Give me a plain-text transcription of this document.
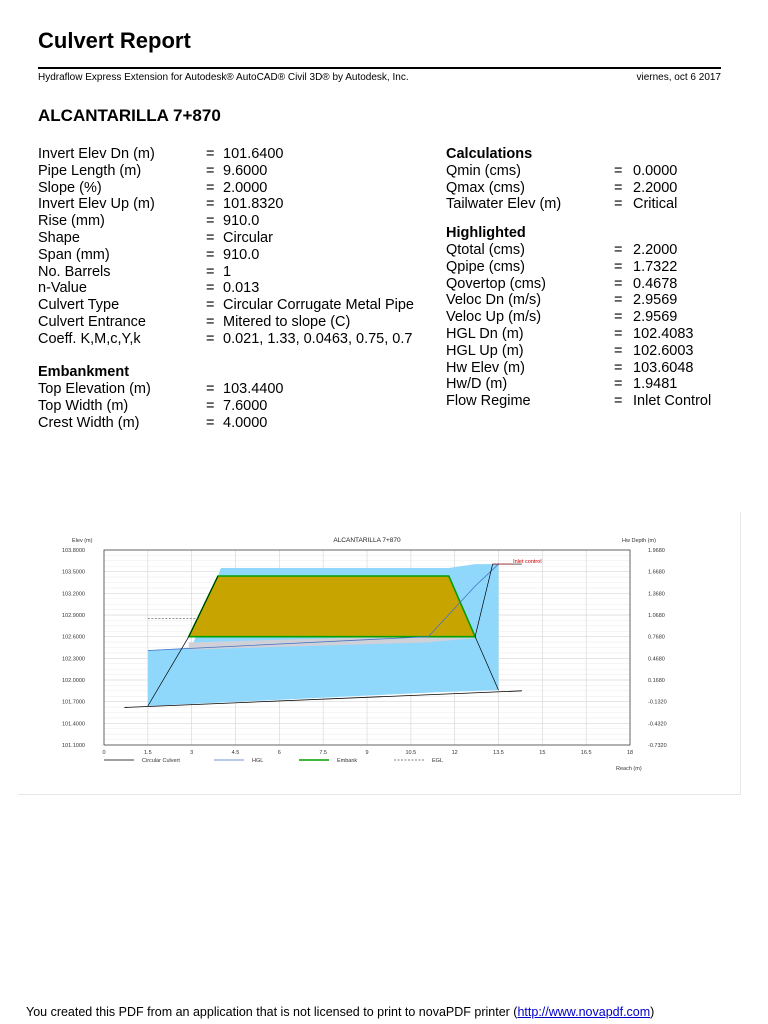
Culvert Report
Hydraflow Express Extension for Autodesk® AutoCAD® Civil 3D® by Autodesk, Inc.	viernes, oct 6 2017
ALCANTARILLA 7+870
Invert Elev Dn (m)	= 101.6400
Pipe Length (m)	= 9.6000
Slope (%)	= 2.0000
Invert Elev Up (m)	= 101.8320
Rise (mm)	= 910.0
Shape	= Circular
Span (mm)	= 910.0
No. Barrels	= 1
n-Value	= 0.013
Culvert Type	= Circular Corrugate Metal Pipe
Culvert Entrance	= Mitered to slope (C)
Coeff. K,M,c,Y,k	= 0.021, 1.33, 0.0463, 0.75, 0.7
Embankment
Top Elevation (m)	= 103.4400
Top Width (m)	= 7.6000
Crest Width (m)	= 4.0000
Calculations
Qmin (cms)	= 0.0000
Qmax (cms)	= 2.2000
Tailwater Elev (m)	= Critical
Highlighted
Qtotal (cms)	= 2.2000
Qpipe (cms)	= 1.7322
Qovertop (cms)	= 0.4678
Veloc Dn (m/s)	= 2.9569
Veloc Up (m/s)	= 2.9569
HGL Dn (m)	= 102.4083
HGL Up (m)	= 102.6003
Hw Elev (m)	= 103.6048
Hw/D (m)	= 1.9481
Flow Regime	= Inlet Control
103.8000	1.9680
103.5000	1.6680
103.2000	1.3680
102.9000	1.0680
102.6000	0.7680
102.3000	0.4680
102.0000	0.1680
101.7000	-0.1320
101.4000	-0.4320
101.1000	-0.7320
0	1.5	3	4.5	6	7.5	9	10.5	12	13.5	15	16.5	18
Inlet control
ALCANTARILLA 7+870
Elev (m)	Hw Depth (m)
Reach (m)
Circular Culvert	HGL	Embank	EGL
You created this PDF from an application that is not licensed to print to novaPDF printer (http://www.novapdf.com)
